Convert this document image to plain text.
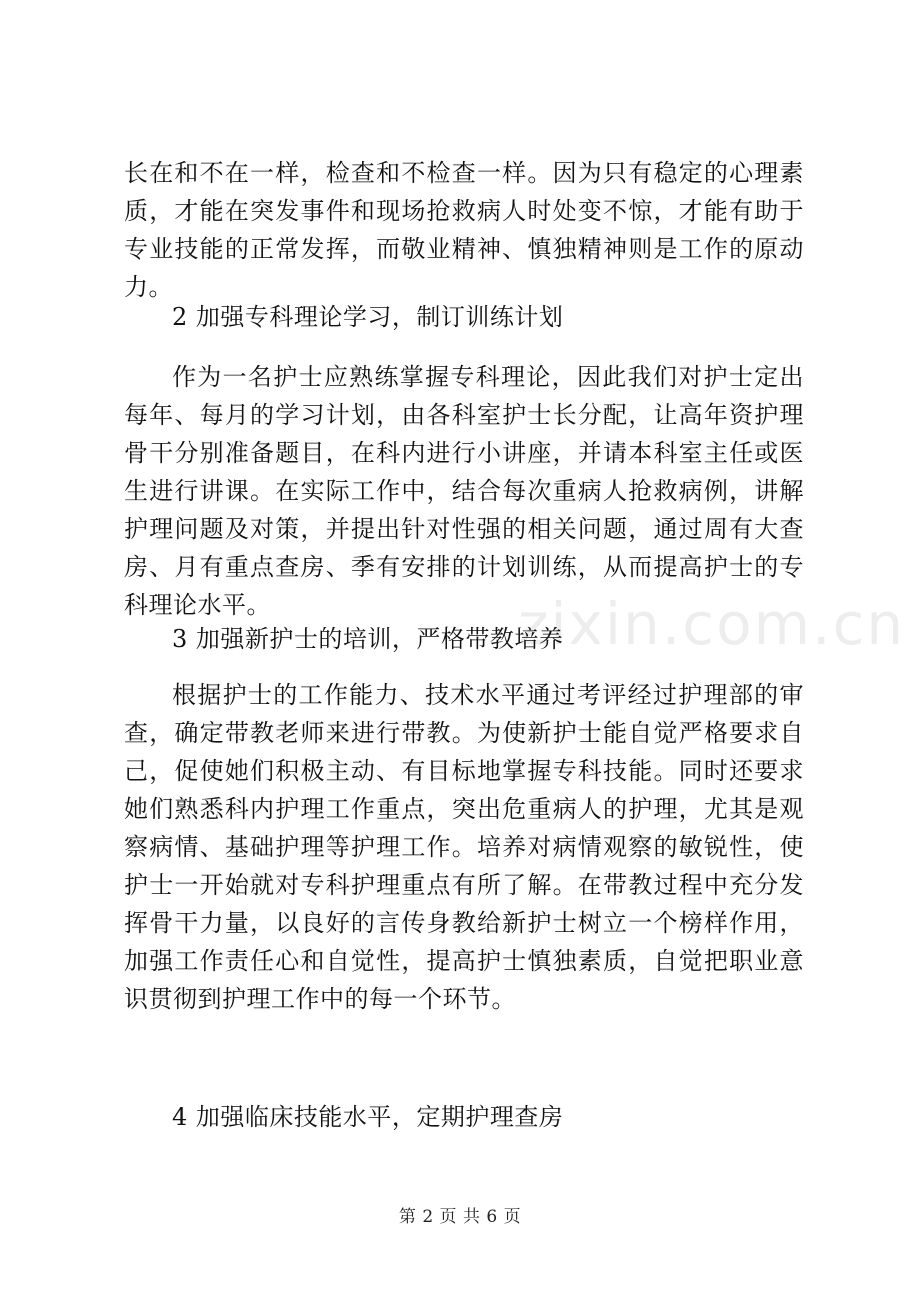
长在和不在一样，检查和不检查一样。因为只有稳定的心理素质，才能在突发事件和现场抢救病人时处变不惊，才能有助于专业技能的正常发挥，而敬业精神、慎独精神则是工作的原动力。

2 加强专科理论学习，制订训练计划

作为一名护士应熟练掌握专科理论，因此我们对护士定出每年、每月的学习计划，由各科室护士长分配，让高年资护理骨干分别准备题目，在科内进行小讲座，并请本科室主任或医生进行讲课。在实际工作中，结合每次重病人抢救病例，讲解护理问题及对策，并提出针对性强的相关问题，通过周有大查房、月有重点查房、季有安排的计划训练，从而提高护士的专科理论水平。

3 加强新护士的培训，严格带教培养

根据护士的工作能力、技术水平通过考评经过护理部的审查，确定带教老师来进行带教。为使新护士能自觉严格要求自己，促使她们积极主动、有目标地掌握专科技能。同时还要求她们熟悉科内护理工作重点，突出危重病人的护理，尤其是观察病情、基础护理等护理工作。培养对病情观察的敏锐性，使护士一开始就对专科护理重点有所了解。在带教过程中充分发挥骨干力量，以良好的言传身教给新护士树立一个榜样作用，加强工作责任心和自觉性，提高护士慎独素质，自觉把职业意识贯彻到护理工作中的每一个环节。

4 加强临床技能水平，定期护理查房

zixin.com.cn
第 2 页 共 6 页
